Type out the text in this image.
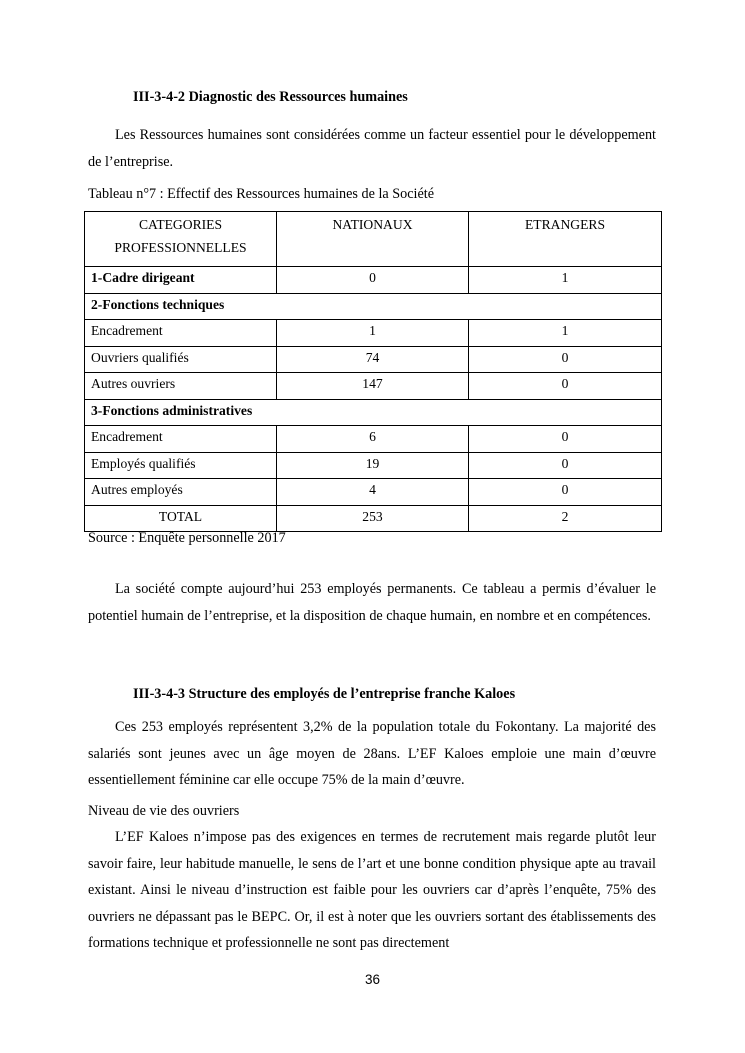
III-3-4-2 Diagnostic des Ressources humaines
Les Ressources humaines sont considérées comme un facteur essentiel pour le développement de l’entreprise.
Tableau n°7 : Effectif des Ressources humaines de la Société
CATEGORIES PROFESSIONNELLES	NATIONAUX	ETRANGERS
1-Cadre dirigeant	0	1
2-Fonctions techniques		
Encadrement	1	1
Ouvriers qualifiés	74	0
Autres ouvriers	147	0
3-Fonctions administratives		
Encadrement	6	0
Employés qualifiés	19	0
Autres employés	4	0
TOTAL	253	2
Source : Enquête personnelle 2017
La société compte aujourd’hui 253 employés permanents. Ce tableau a permis d’évaluer le potentiel humain de l’entreprise, et la disposition de chaque humain, en nombre et en compétences.
III-3-4-3 Structure des employés de l’entreprise franche Kaloes
Ces 253 employés représentent 3,2% de la population totale du Fokontany. La majorité des salariés sont jeunes avec un âge moyen de 28ans. L’EF Kaloes emploie une main d’œuvre essentiellement féminine car elle occupe 75% de la main d’œuvre.
Niveau de vie des ouvriers
L’EF Kaloes n’impose pas des exigences en termes de recrutement mais regarde plutôt leur savoir faire, leur habitude manuelle, le sens de l’art et une bonne condition physique apte au travail existant. Ainsi le niveau d’instruction est faible pour les ouvriers car d’après l’enquête, 75% des ouvriers ne dépassant pas le BEPC. Or, il est à noter que les ouvriers sortant des établissements des formations technique et professionnelle ne sont pas directement
36
